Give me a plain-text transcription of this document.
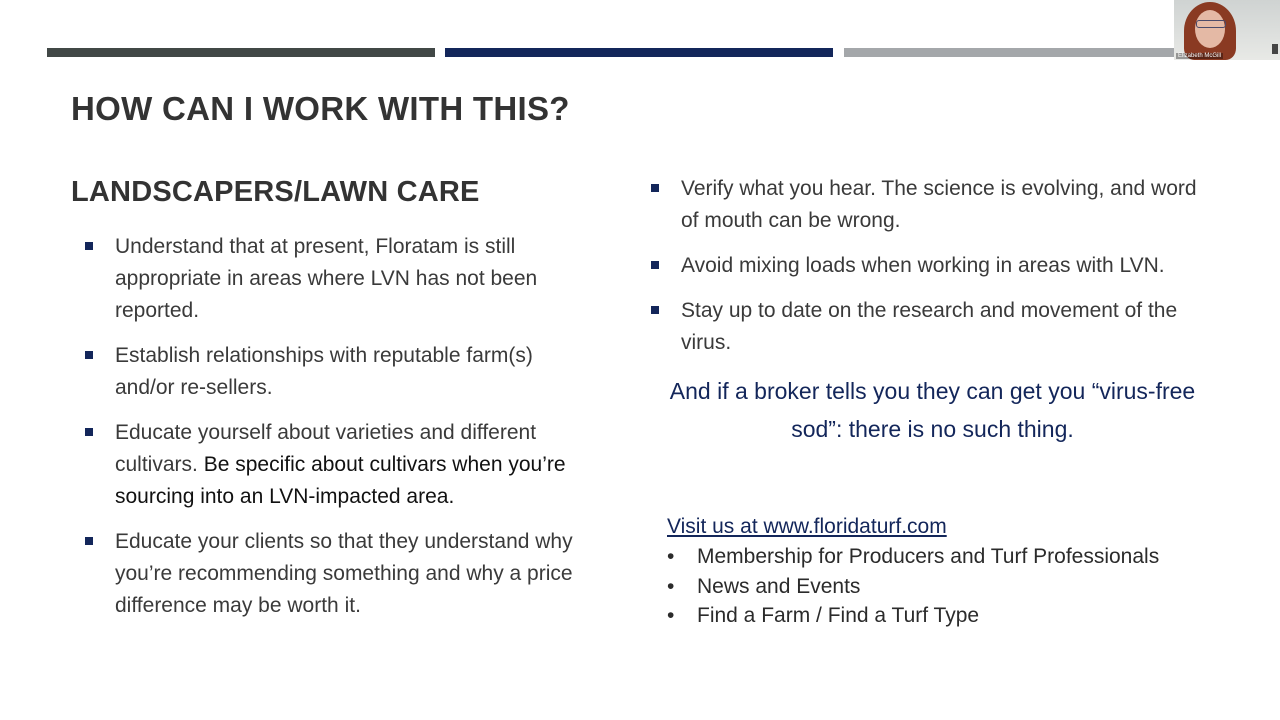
HOW CAN I WORK WITH THIS?
LANDSCAPERS/LAWN CARE
Understand that at present, Floratam is still appropriate in areas where LVN has not been reported.
Establish relationships with reputable farm(s) and/or re-sellers.
Educate yourself about varieties and different cultivars. Be specific about cultivars when you’re sourcing into an LVN-impacted area.
Educate your clients so that they understand why you’re recommending something and why a price difference may be worth it.
Verify what you hear. The science is evolving, and word of mouth can be wrong.
Avoid mixing loads when working in areas with LVN.
Stay up to date on the research and movement of the virus.
And if a broker tells you they can get you “virus-free sod”: there is no such thing.
Visit us at www.floridaturf.com
• Membership for Producers and Turf Professionals
• News and Events
• Find a Farm / Find a Turf Type
Elizabeth McGill
